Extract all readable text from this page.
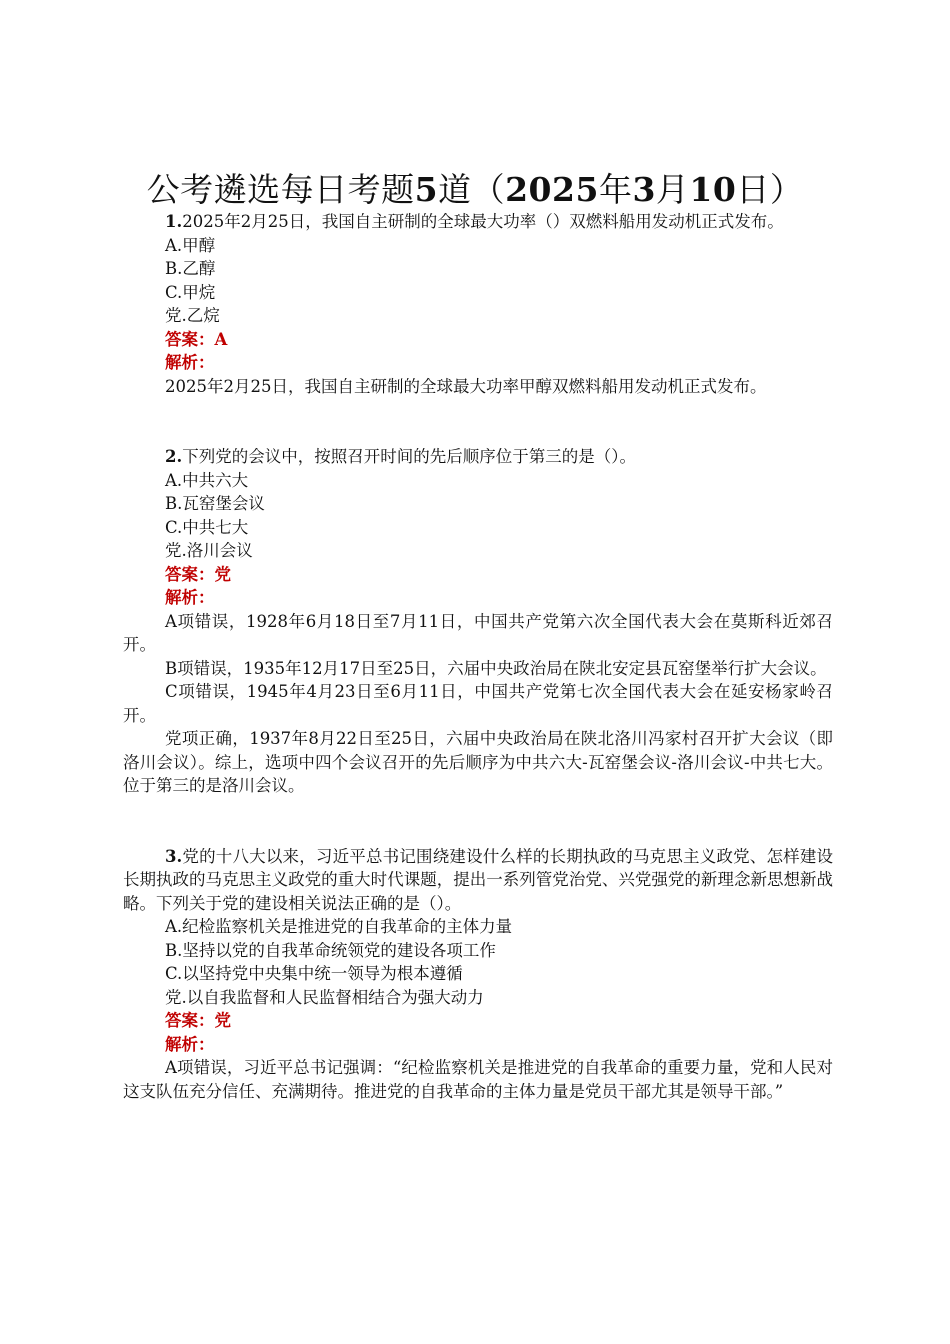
公考遴选每日考题5道（2025年3月10日）

1.2025年2月25日，我国自主研制的全球最大功率（）双燃料船用发动机正式发布。

A.甲醇

B.乙醇

C.甲烷

党.乙烷

答案：A

解析：

2025年2月25日，我国自主研制的全球最大功率甲醇双燃料船用发动机正式发布。

2.下列党的会议中，按照召开时间的先后顺序位于第三的是（）。

A.中共六大

B.瓦窑堡会议

C.中共七大

党.洛川会议

答案：党

解析：

A项错误，1928年6月18日至7月11日，中国共产党第六次全国代表大会在莫斯科近郊召开。

B项错误，1935年12月17日至25日，六届中央政治局在陕北安定县瓦窑堡举行扩大会议。

C项错误，1945年4月23日至6月11日，中国共产党第七次全国代表大会在延安杨家岭召开。

党项正确，1937年8月22日至25日，六届中央政治局在陕北洛川冯家村召开扩大会议（即洛川会议）。综上，选项中四个会议召开的先后顺序为中共六大-瓦窑堡会议-洛川会议-中共七大。位于第三的是洛川会议。

3.党的十八大以来，习近平总书记围绕建设什么样的长期执政的马克思主义政党、怎样建设长期执政的马克思主义政党的重大时代课题，提出一系列管党治党、兴党强党的新理念新思想新战略。下列关于党的建设相关说法正确的是（）。

A.纪检监察机关是推进党的自我革命的主体力量

B.坚持以党的自我革命统领党的建设各项工作

C.以坚持党中央集中统一领导为根本遵循

党.以自我监督和人民监督相结合为强大动力

答案：党

解析：

A项错误，习近平总书记强调：“纪检监察机关是推进党的自我革命的重要力量，党和人民对这支队伍充分信任、充满期待。推进党的自我革命的主体力量是党员干部尤其是领导干部。”
